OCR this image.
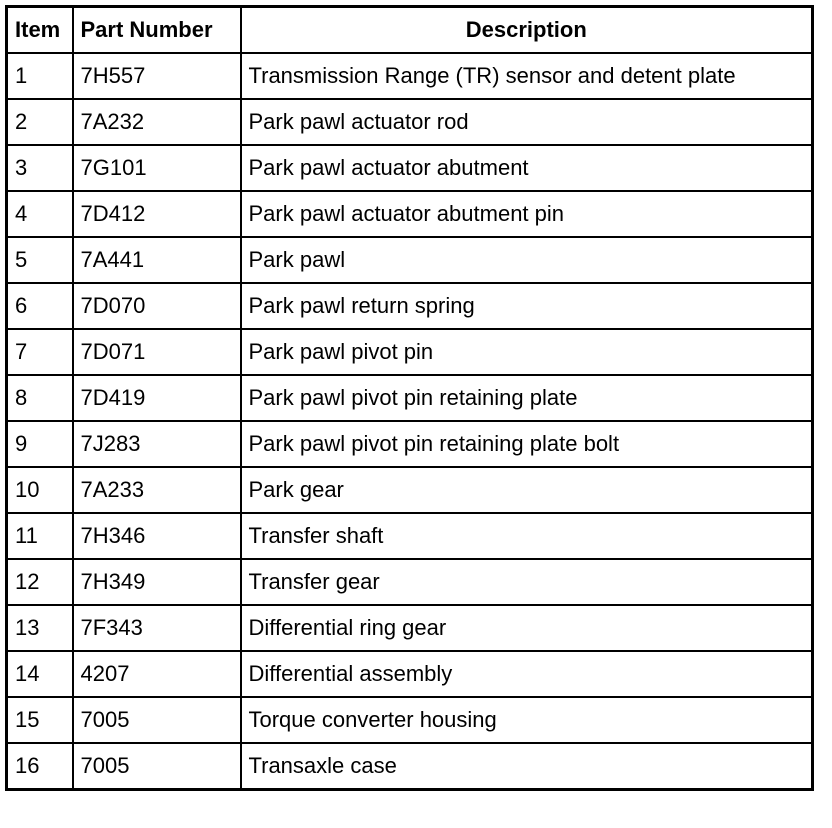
Item	Part Number	Description
1	7H557	Transmission Range (TR) sensor and detent plate
2	7A232	Park pawl actuator rod
3	7G101	Park pawl actuator abutment
4	7D412	Park pawl actuator abutment pin
5	7A441	Park pawl
6	7D070	Park pawl return spring
7	7D071	Park pawl pivot pin
8	7D419	Park pawl pivot pin retaining plate
9	7J283	Park pawl pivot pin retaining plate bolt
10	7A233	Park gear
11	7H346	Transfer shaft
12	7H349	Transfer gear
13	7F343	Differential ring gear
14	4207	Differential assembly
15	7005	Torque converter housing
16	7005	Transaxle case
